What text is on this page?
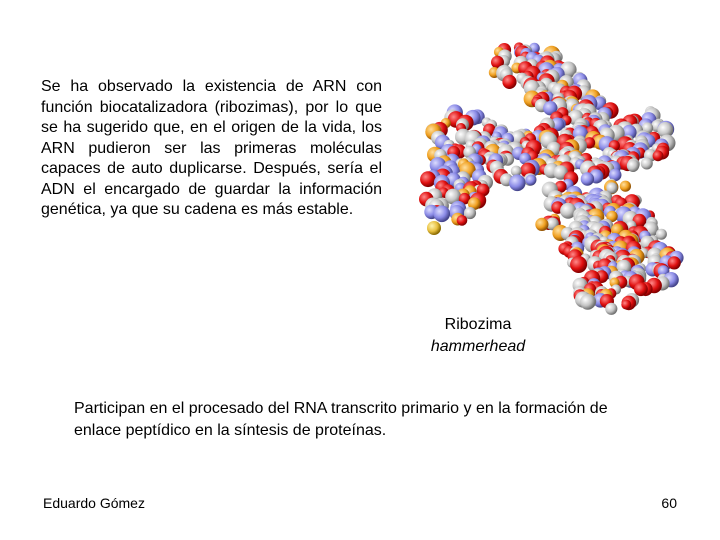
Se ha observado la existencia de ARN con función biocatalizadora (ribozimas), por lo que se ha sugerido que, en el origen de la vida, los ARN pudieron ser las primeras moléculas capaces de auto duplicarse. Después, sería el ADN el encargado de guardar la información genética, ya que su cadena es más estable.

Ribozima
hammerhead

Participan en el procesado del RNA transcrito primario y en la formación de enlace peptídico en la síntesis de proteínas.

Eduardo Gómez	60
